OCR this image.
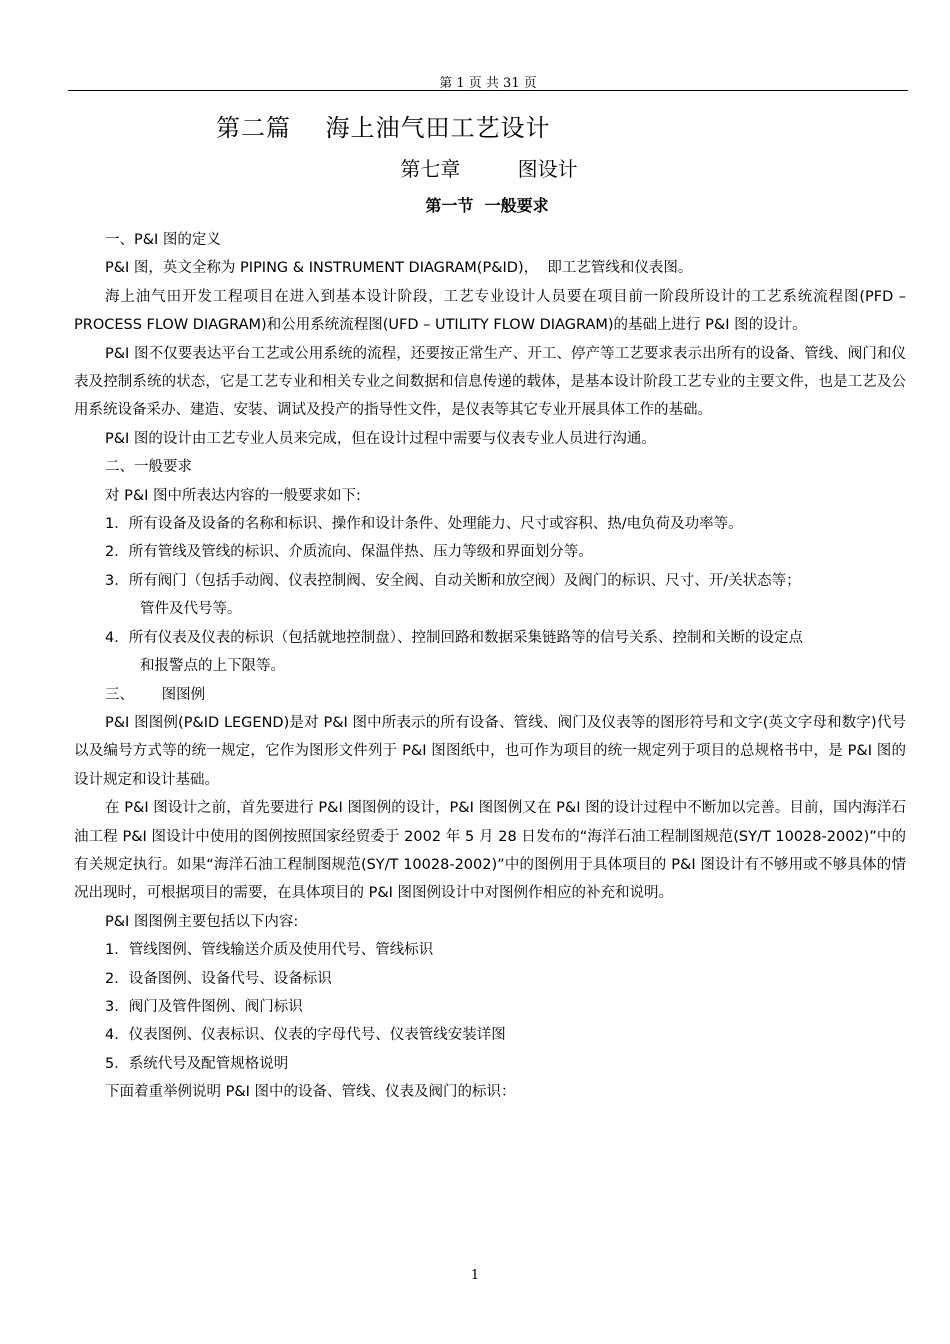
第 1 页 共 31 页
第二篇    海上油气田工艺设计
第七章         图设计
第一节  一般要求

一、P&I 图的定义

P&I 图，英文全称为 PIPING & INSTRUMENT DIAGRAM(P&ID)，  即工艺管线和仪表图。

海上油气田开发工程项目在进入到基本设计阶段，工艺专业设计人员要在项目前一阶段所设计的工艺系统流程图(PFD – PROCESS FLOW DIAGRAM)和公用系统流程图(UFD – UTILITY FLOW DIAGRAM)的基础上进行 P&I 图的设计。

P&I 图不仅要表达平台工艺或公用系统的流程，还要按正常生产、开工、停产等工艺要求表示出所有的设备、管线、阀门和仪表及控制系统的状态，它是工艺专业和相关专业之间数据和信息传递的载体，是基本设计阶段工艺专业的主要文件，也是工艺及公用系统设备采办、建造、安装、调试及投产的指导性文件，是仪表等其它专业开展具体工作的基础。

P&I 图的设计由工艺专业人员来完成，但在设计过程中需要与仪表专业人员进行沟通。

二、一般要求

对 P&I 图中所表达内容的一般要求如下:

1．所有设备及设备的名称和标识、操作和设计条件、处理能力、尺寸或容积、热/电负荷及功率等。

2．所有管线及管线的标识、介质流向、保温伴热、压力等级和界面划分等。

3．所有阀门（包括手动阀、仪表控制阀、安全阀、自动关断和放空阀）及阀门的标识、尺寸、开/关状态等；
管件及代号等。

4．所有仪表及仪表的标识（包括就地控制盘）、控制回路和数据采集链路等的信号关系、控制和关断的设定点
和报警点的上下限等。

三、      图图例

P&I 图图例(P&ID LEGEND)是对 P&I 图中所表示的所有设备、管线、阀门及仪表等的图形符号和文字(英文字母和数字)代号以及编号方式等的统一规定，它作为图形文件列于 P&I 图图纸中，也可作为项目的统一规定列于项目的总规格书中，是 P&I 图的设计规定和设计基础。

在 P&I 图设计之前，首先要进行 P&I 图图例的设计，P&I 图图例又在 P&I 图的设计过程中不断加以完善。目前，国内海洋石油工程 P&I 图设计中使用的图例按照国家经贸委于 2002 年 5 月 28 日发布的“海洋石油工程制图规范(SY/T 10028-2002)”中的有关规定执行。如果“海洋石油工程制图规范(SY/T 10028-2002)”中的图例用于具体项目的 P&I 图设计有不够用或不够具体的情况出现时，可根据项目的需要，在具体项目的 P&I 图图例设计中对图例作相应的补充和说明。

P&I 图图例主要包括以下内容:

1．管线图例、管线输送介质及使用代号、管线标识

2．设备图例、设备代号、设备标识

3．阀门及管件图例、阀门标识

4．仪表图例、仪表标识、仪表的字母代号、仪表管线安装详图

5．系统代号及配管规格说明

下面着重举例说明 P&I 图中的设备、管线、仪表及阀门的标识：

1
